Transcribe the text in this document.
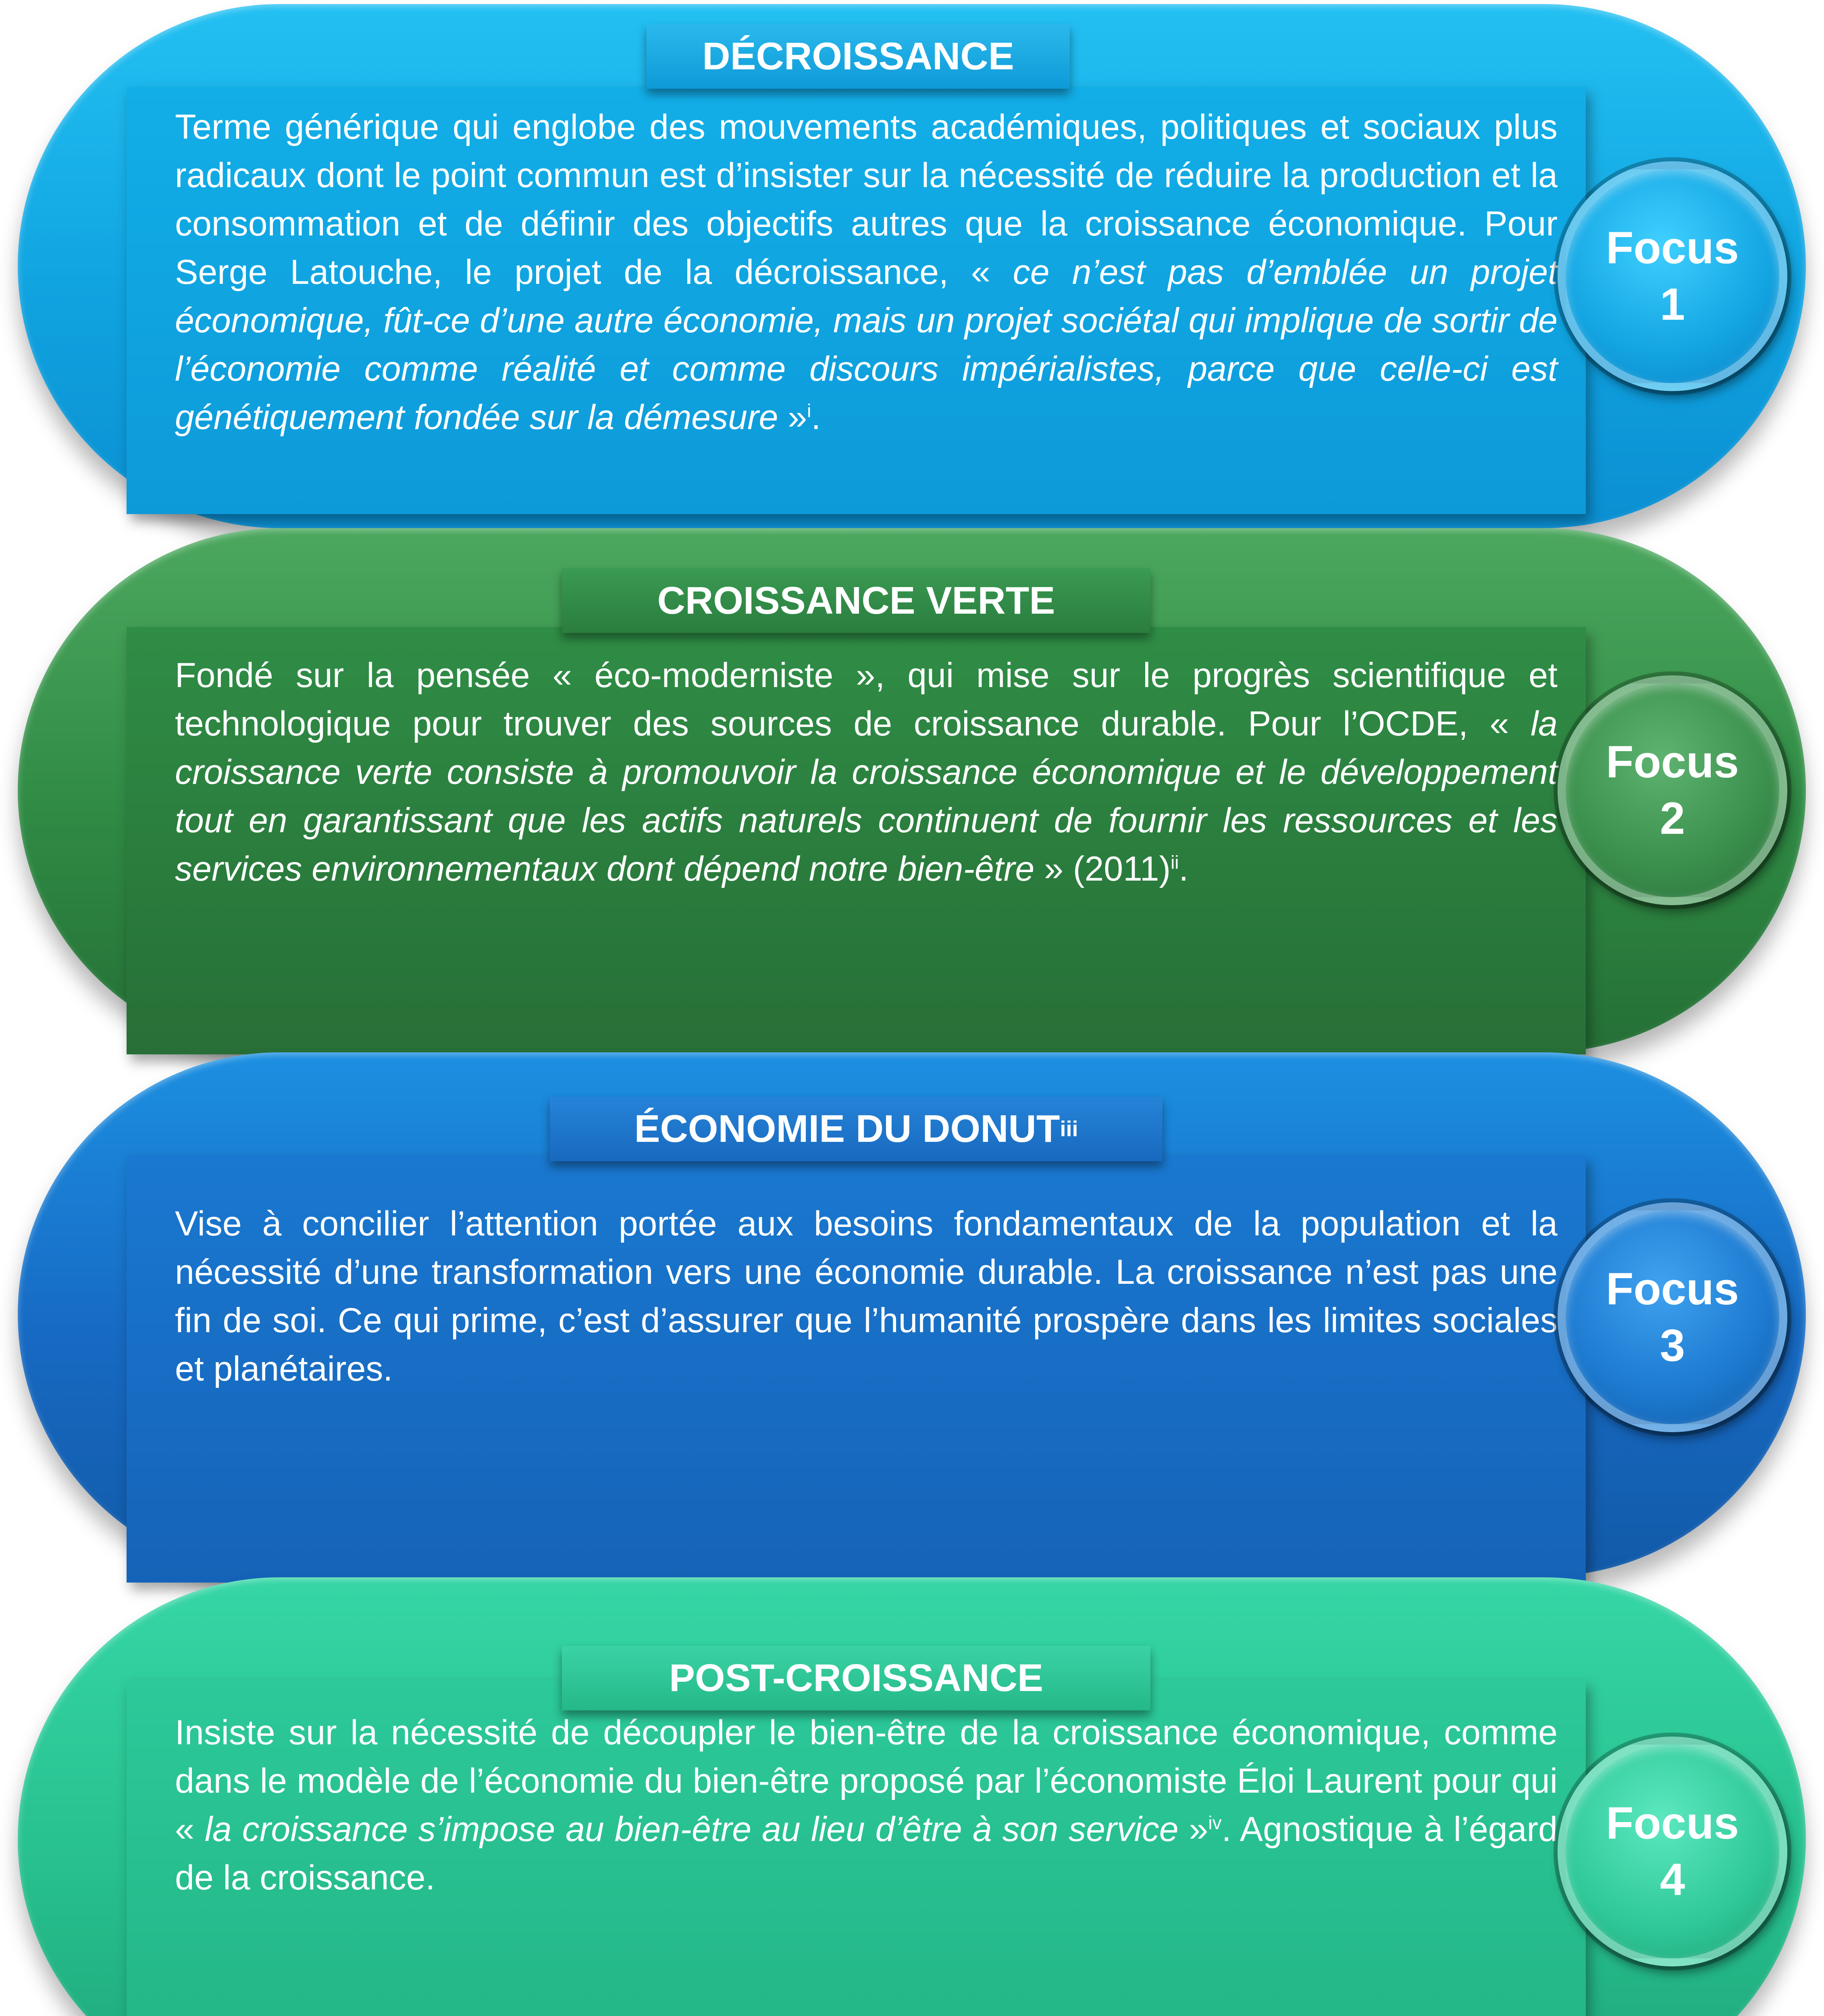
Terme générique qui englobe des mouvements académiques, politiques et sociaux plus radicaux dont le point commun est d’insister sur la nécessité de réduire la production et la consommation et de définir des objectifs autres que la croissance économique. Pour Serge Latouche, le projet de la décroissance, « ce n’est pas d’emblée un projet économique, fût-ce d’une autre économie, mais un projet sociétal qui implique de sortir de l’économie comme réalité et comme discours impérialistes, parce que celle-ci est génétiquement fondée sur la démesure »$^i$.

DÉCROISSANCE
Focus
1

Fondé sur la pensée « éco-moderniste », qui mise sur le progrès scientifique et technologique pour trouver des sources de croissance durable. Pour l’OCDE, « la croissance verte consiste à promouvoir la croissance économique et le développement tout en garantissant que les actifs naturels continuent de fournir les ressources et les services environnementaux dont dépend notre bien-être » $(2011)^{ii}$.

CROISSANCE VERTE
Focus
2

Vise à concilier l’attention portée aux besoins fondamentaux de la population et la nécessité d’une transformation vers une économie durable. La croissance n’est pas une fin de soi. Ce qui prime, c’est d’assurer que l’humanité prospère dans les limites sociales et planétaires.

ÉCONOMIE DU DONUT iii
Focus
3

Insiste sur la nécessité de découpler le bien-être de la croissance économique, comme dans le modèle de l’économie du bien-être proposé par l’économiste Éloi Laurent pour qui « la croissance s’impose au bien-être au lieu d’être à son service »$^{iv}$. Agnostique à l’égard de la croissance.

POST-CROISSANCE
Focus
4
